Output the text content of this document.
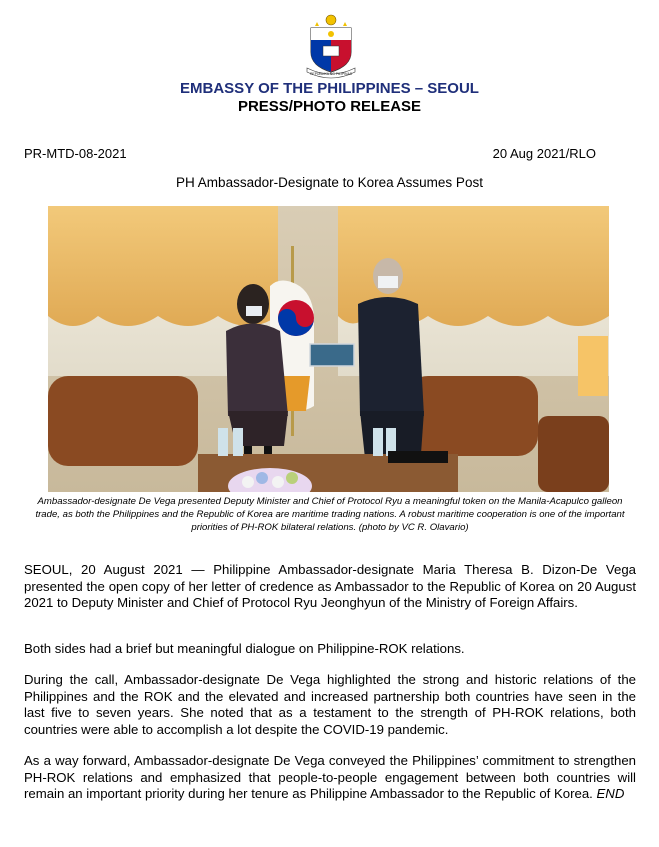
REPUBLIKA NG PILIPINAS
EMBASSY OF THE PHILIPPINES – SEOUL
PRESS/PHOTO RELEASE
PR-MTD-08-2021	20 Aug 2021/RLO
PH Ambassador-Designate to Korea Assumes Post
Ambassador-designate De Vega presented Deputy Minister and Chief of Protocol Ryu a meaningful token on the Manila-Acapulco galleon trade, as both the Philippines and the Republic of Korea are maritime trading nations. A robust maritime cooperation is one of the important priorities of PH-ROK bilateral relations. (photo by VC R. Olavario)

SEOUL, 20 August 2021 — Philippine Ambassador-designate Maria Theresa B. Dizon-De Vega presented the open copy of her letter of credence as Ambassador to the Republic of Korea on 20 August 2021 to Deputy Minister and Chief of Protocol Ryu Jeonghyun of the Ministry of Foreign Affairs.

Both sides had a brief but meaningful dialogue on Philippine-ROK relations.

During the call, Ambassador-designate De Vega highlighted the strong and historic relations of the Philippines and the ROK and the elevated and increased partnership both countries have seen in the last five to seven years. She noted that as a testament to the strength of PH-ROK relations, both countries were able to accomplish a lot despite the COVID-19 pandemic.

As a way forward, Ambassador-designate De Vega conveyed the Philippines’ commitment to strengthen PH-ROK relations and emphasized that people-to-people engagement between both countries will remain an important priority during her tenure as Philippine Ambassador to the Republic of Korea. END
